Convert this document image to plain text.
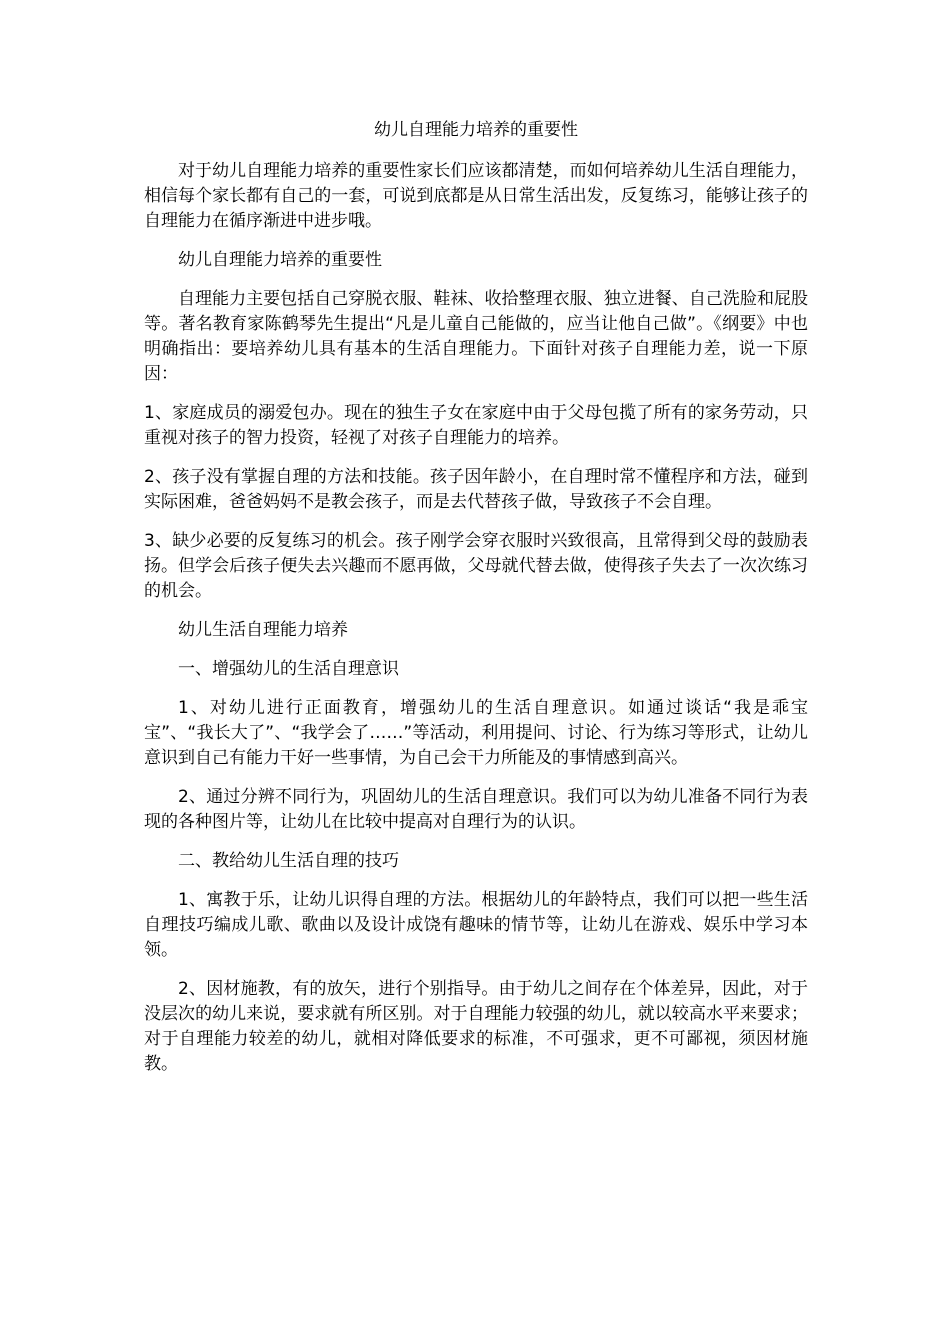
幼儿自理能力培养的重要性

对于幼儿自理能力培养的重要性家长们应该都清楚，而如何培养幼儿生活自理能力，相信每个家长都有自己的一套，可说到底都是从日常生活出发，反复练习，能够让孩子的自理能力在循序渐进中进步哦。

幼儿自理能力培养的重要性

自理能力主要包括自己穿脱衣服、鞋袜、收拾整理衣服、独立进餐、自己洗脸和屁股等。著名教育家陈鹤琴先生提出“凡是儿童自己能做的，应当让他自己做”。《纲要》中也明确指出：要培养幼儿具有基本的生活自理能力。下面针对孩子自理能力差，说一下原因：

1、家庭成员的溺爱包办。现在的独生子女在家庭中由于父母包揽了所有的家务劳动，只重视对孩子的智力投资，轻视了对孩子自理能力的培养。

2、孩子没有掌握自理的方法和技能。孩子因年龄小，在自理时常不懂程序和方法，碰到实际困难，爸爸妈妈不是教会孩子，而是去代替孩子做，导致孩子不会自理。

3、缺少必要的反复练习的机会。孩子刚学会穿衣服时兴致很高，且常得到父母的鼓励表扬。但学会后孩子便失去兴趣而不愿再做，父母就代替去做，使得孩子失去了一次次练习的机会。

幼儿生活自理能力培养

一、增强幼儿的生活自理意识

1、对幼儿进行正面教育，增强幼儿的生活自理意识。如通过谈话“我是乖宝宝”、“我长大了”、“我学会了……”等活动，利用提问、讨论、行为练习等形式，让幼儿意识到自己有能力干好一些事情，为自己会干力所能及的事情感到高兴。

2、通过分辨不同行为，巩固幼儿的生活自理意识。我们可以为幼儿准备不同行为表现的各种图片等，让幼儿在比较中提高对自理行为的认识。

二、教给幼儿生活自理的技巧

1、寓教于乐，让幼儿识得自理的方法。根据幼儿的年龄特点，我们可以把一些生活自理技巧编成儿歌、歌曲以及设计成饶有趣味的情节等，让幼儿在游戏、娱乐中学习本领。

2、因材施教，有的放矢，进行个别指导。由于幼儿之间存在个体差异，因此，对于没层次的幼儿来说，要求就有所区别。对于自理能力较强的幼儿，就以较高水平来要求；对于自理能力较差的幼儿，就相对降低要求的标准，不可强求，更不可鄙视，须因材施教。
